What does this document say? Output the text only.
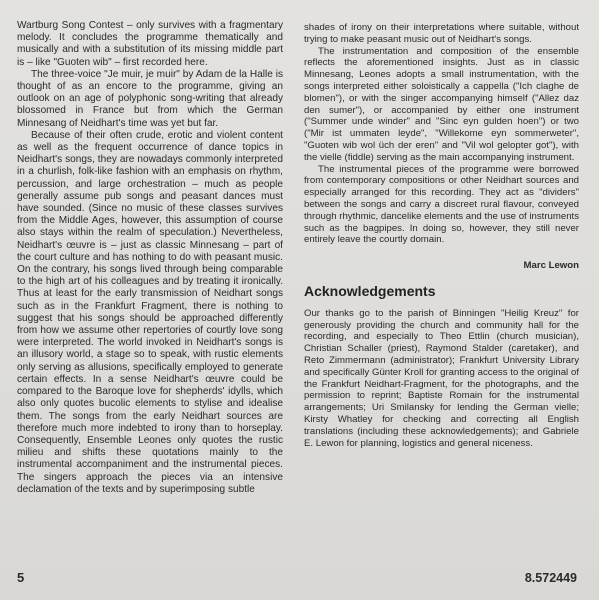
Wartburg Song Contest – only survives with a fragmentary melody. It concludes the programme thematically and musically and with a substitution of its missing middle part is – like "Guoten wib" – first recorded here.

The three-voice "Je muir, je muir" by Adam de la Halle is thought of as an encore to the programme, giving an outlook on an age of polyphonic song-writing that already blossomed in France but from which the German Minnesang of Neidhart's time was yet but far.

Because of their often crude, erotic and violent content as well as the frequent occurrence of dance topics in Neidhart's songs, they are nowadays commonly interpreted in a churlish, folk-like fashion with an emphasis on rhythm, percussion, and large orchestration – much as people generally assume pub songs and peasant dances must have sounded. (Since no music of these classes survives from the Middle Ages, however, this assumption of course also stays within the realm of speculation.) Nevertheless, Neidhart's œuvre is – just as classic Minnesang – part of the court culture and has nothing to do with peasant music. On the contrary, his songs lived through being comparable to the high art of his colleagues and by treating it ironically. Thus at least for the early transmission of Neidhart songs such as in the Frankfurt Fragment, there is nothing to suggest that his songs should be approached differently from how we assume other repertories of courtly love song were interpreted. The world invoked in Neidhart's songs is an illusory world, a stage so to speak, with rustic elements only serving as allusions, specifically employed to generate certain effects. In a sense Neidhart's œuvre could be compared to the Baroque love for shepherds' idylls, which also only quotes bucolic elements to stylise and idealise them. The songs from the early Neidhart sources are therefore much more indebted to irony than to horseplay. Consequently, Ensemble Leones only quotes the rustic milieu and shifts these quotations mainly to the instrumental accompaniment and the instrumental pieces. The singers approach the pieces via an intensive declamation of the texts and by superimposing subtle

shades of irony on their interpretations where suitable, without trying to make peasant music out of Neidhart's songs.

The instrumentation and composition of the ensemble reflects the aforementioned insights. Just as in classic Minnesang, Leones adopts a small instrumentation, with the songs interpreted either soloistically a cappella ("Ich claghe de blomen"), or with the singer accompanying himself ("Allez daz den sumer"), or accompanied by either one instrument ("Summer unde winder" and "Sinc eyn gulden hoen") or two ("Mir ist ummaten leyde", "Willekome eyn sommerweter", "Guoten wib wol üch der eren" and "Vil wol gelopter got"), with the vielle (fiddle) serving as the main accompanying instrument.

The instrumental pieces of the programme were borrowed from contemporary compositions or other Neidhart sources and especially arranged for this recording. They act as "dividers" between the songs and carry a discreet rural flavour, conveyed through rhythmic, dancelike elements and the use of instruments such as the bagpipes. In doing so, however, they still never entirely leave the courtly domain.

Marc Lewon
Acknowledgements

Our thanks go to the parish of Binningen "Heilig Kreuz" for generously providing the church and community hall for the recording, and especially to Theo Ettlin (church musician), Christian Schaller (priest), Raymond Stalder (caretaker), and Reto Zimmermann (administrator); Frankfurt University Library and specifically Günter Kroll for granting access to the original of the Frankfurt Neidhart-Fragment, for the photographs, and the permission to reprint; Baptiste Romain for the instrumental arrangements; Uri Smilansky for lending the German vielle; Kirsty Whatley for checking and correcting all English translations (including these acknowledgements); and Gabriele E. Lewon for planning, logistics and general niceness.

5	8.572449
